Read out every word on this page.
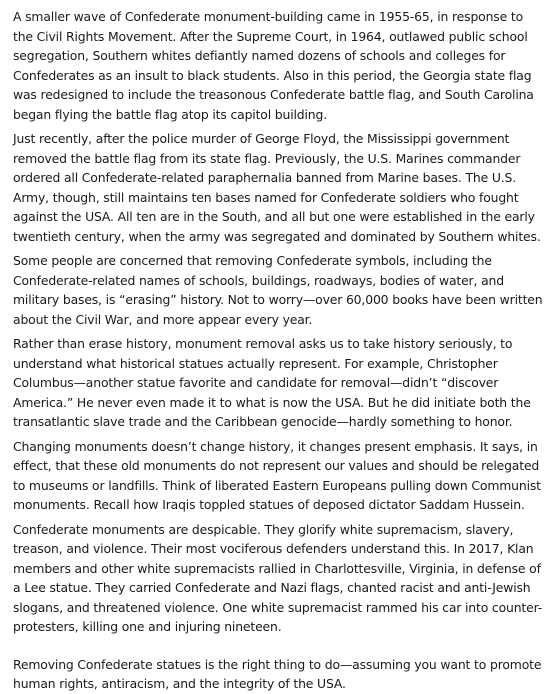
A smaller wave of Confederate monument-building came in 1955-65, in response to the Civil Rights Movement. After the Supreme Court, in 1964, outlawed public school segregation, Southern whites defiantly named dozens of schools and colleges for Confederates as an insult to black students. Also in this period, the Georgia state flag was redesigned to include the treasonous Confederate battle flag, and South Carolina began flying the battle flag atop its capitol building.

Just recently, after the police murder of George Floyd, the Mississippi government removed the battle flag from its state flag. Previously, the U.S. Marines commander ordered all Confederate-related paraphernalia banned from Marine bases. The U.S. Army, though, still maintains ten bases named for Confederate soldiers who fought against the USA. All ten are in the South, and all but one were established in the early twentieth century, when the army was segregated and dominated by Southern whites.

Some people are concerned that removing Confederate symbols, including the Confederate-related names of schools, buildings, roadways, bodies of water, and military bases, is “erasing” history. Not to worry—over 60,000 books have been written about the Civil War, and more appear every year.

Rather than erase history, monument removal asks us to take history seriously, to understand what historical statues actually represent. For example, Christopher Columbus—another statue favorite and candidate for removal—didn’t “discover America.” He never even made it to what is now the USA. But he did initiate both the transatlantic slave trade and the Caribbean genocide—hardly something to honor.

Changing monuments doesn’t change history, it changes present emphasis. It says, in effect, that these old monuments do not represent our values and should be relegated to museums or landfills. Think of liberated Eastern Europeans pulling down Communist monuments. Recall how Iraqis toppled statues of deposed dictator Saddam Hussein.

Confederate monuments are despicable. They glorify white supremacism, slavery, treason, and violence. Their most vociferous defenders understand this. In 2017, Klan members and other white supremacists rallied in Charlottesville, Virginia, in defense of a Lee statue. They carried Confederate and Nazi flags, chanted racist and anti-Jewish slogans, and threatened violence. One white supremacist rammed his car into counter-protesters, killing one and injuring nineteen.

Removing Confederate statues is the right thing to do—assuming you want to promote human rights, antiracism, and the integrity of the USA.
